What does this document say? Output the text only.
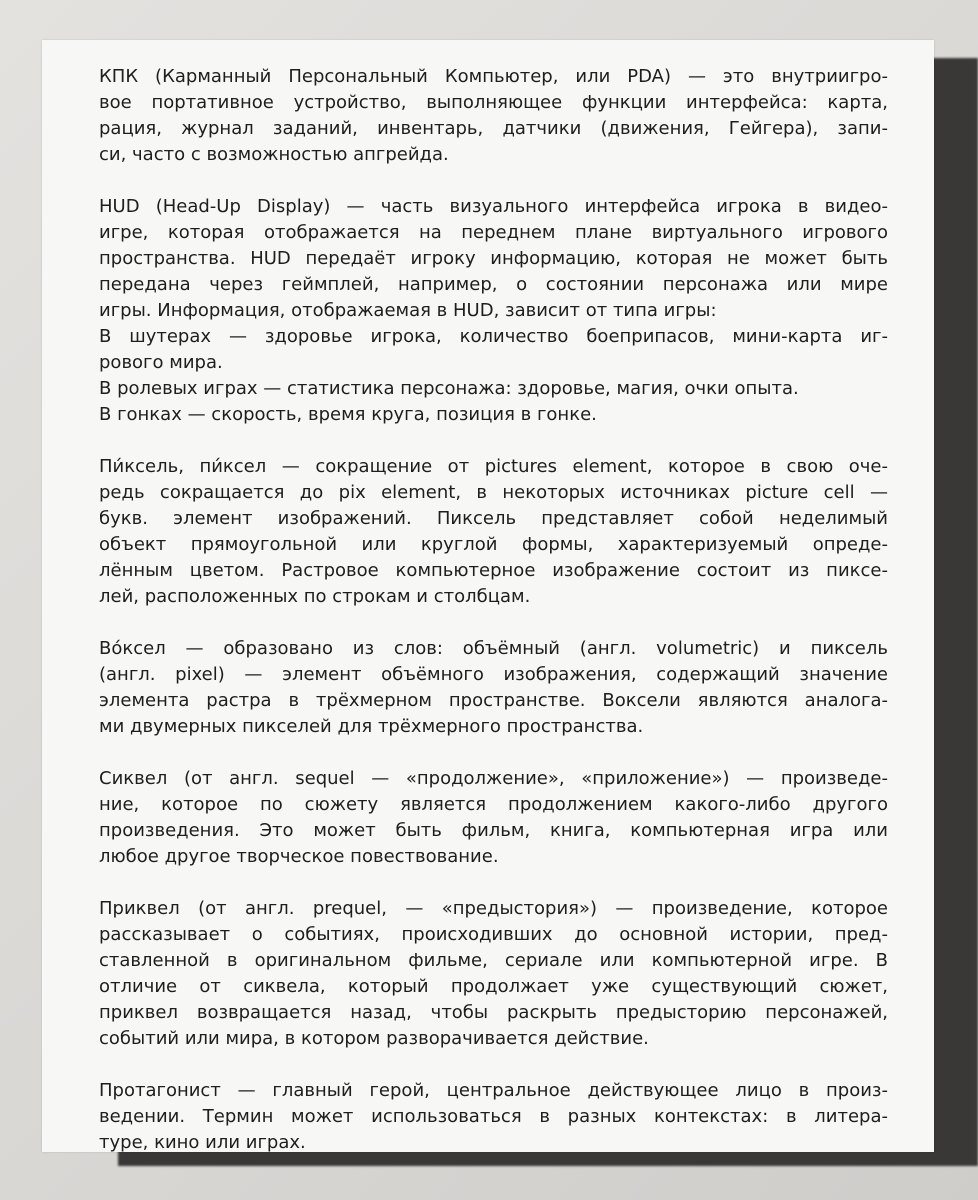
КПК (Карманный Персональный Компьютер, или PDA) — это внутриигро-
вое портативное устройство, выполняющее функции интерфейса: карта,
рация, журнал заданий, инвентарь, датчики (движения, Гейгера), запи-
си, часто с возможностью апгрейда.
HUD (Head-Up Display) — часть визуального интерфейса игрока в видео-
игре, которая отображается на переднем плане виртуального игрового
пространства. HUD передаёт игроку информацию, которая не может быть
передана через геймплей, например, о состоянии персонажа или мире
игры. Информация, отображаемая в HUD, зависит от типа игры:
В шутерах — здоровье игрока, количество боеприпасов, мини-карта иг-
рового мира.
В ролевых играх — статистика персонажа: здоровье, магия, очки опыта.
В гонках — скорость, время круга, позиция в гонке.
Пи́ксель, пи́ксел — сокращение от pictures element, которое в свою оче-
редь сокращается до pix element, в некоторых источниках picture cell —
букв. элемент изображений. Пиксель представляет собой неделимый
объект прямоугольной или круглой формы, характеризуемый опреде-
лённым цветом. Растровое компьютерное изображение состоит из пиксе-
лей, расположенных по строкам и столбцам.
Во́ксел — образовано из слов: объёмный (англ. volumetric) и пиксель
(англ. pixel) — элемент объёмного изображения, содержащий значение
элемента растра в трёхмерном пространстве. Воксели являются аналога-
ми двумерных пикселей для трёхмерного пространства.
Сиквел (от англ. sequel — «продолжение», «приложение») — произведе-
ние, которое по сюжету является продолжением какого-либо другого
произведения. Это может быть фильм, книга, компьютерная игра или
любое другое творческое повествование.
Приквел (от англ. prequel, — «предыстория») — произведение, которое
рассказывает о событиях, происходивших до основной истории, пред-
ставленной в оригинальном фильме, сериале или компьютерной игре. В
отличие от сиквела, который продолжает уже существующий сюжет,
приквел возвращается назад, чтобы раскрыть предысторию персонажей,
событий или мира, в котором разворачивается действие.
Протагонист — главный герой, центральное действующее лицо в произ-
ведении. Термин может использоваться в разных контекстах: в литера-
туре, кино или играх.
